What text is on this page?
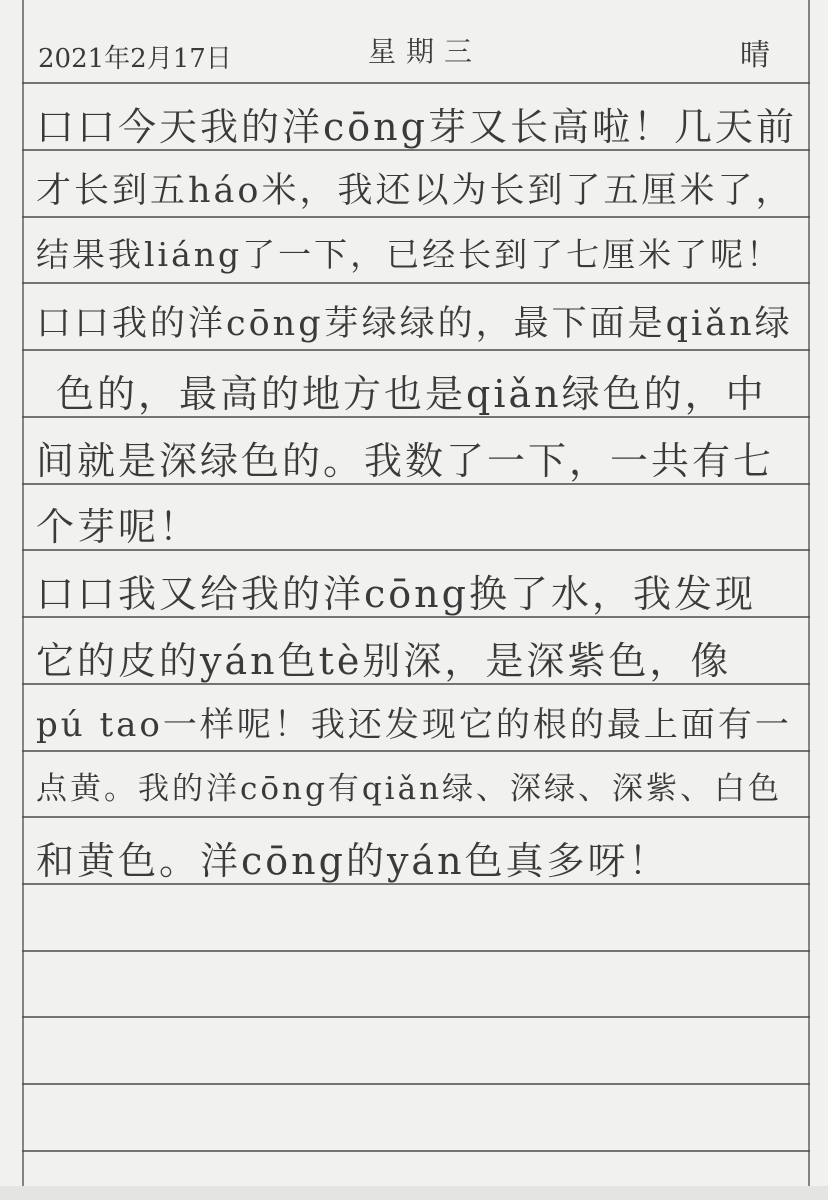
2021年2月17日	星期三	晴
口口今天我的洋cōng芽又长高啦！几天前
才长到五háo米，我还以为长到了五厘米了，
结果我liáng了一下，已经长到了七厘米了呢！
口口我的洋cōng芽绿绿的，最下面是qiǎn绿
色的，最高的地方也是qiǎn绿色的，中
间就是深绿色的。我数了一下，一共有七
个芽呢！
口口我又给我的洋cōng换了水，我发现
它的皮的yán色tè别深，是深紫色，像
pú tao一样呢！我还发现它的根的最上面有一
点黄。我的洋cōng有qiǎn绿、深绿、深紫、白色
和黄色。洋cōng的yán色真多呀！
